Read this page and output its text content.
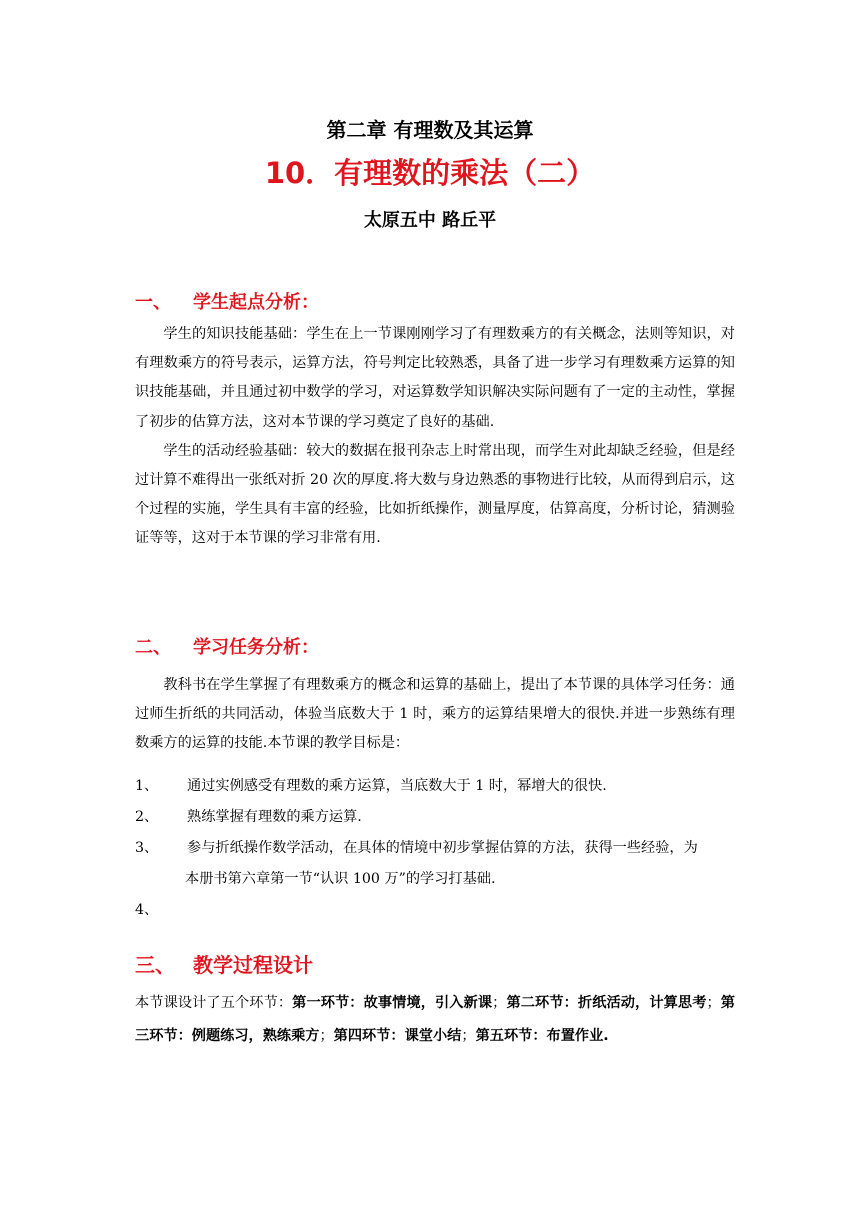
第二章 有理数及其运算
10．有理数的乘法（二）
太原五中 路丘平
一、 学生起点分析：

学生的知识技能基础：学生在上一节课刚刚学习了有理数乘方的有关概念，法则等知识，对有理数乘方的符号表示，运算方法，符号判定比较熟悉，具备了进一步学习有理数乘方运算的知识技能基础，并且通过初中数学的学习，对运算数学知识解决实际问题有了一定的主动性，掌握了初步的估算方法，这对本节课的学习奠定了良好的基础.

学生的活动经验基础：较大的数据在报刊杂志上时常出现，而学生对此却缺乏经验，但是经过计算不难得出一张纸对折 20 次的厚度.将大数与身边熟悉的事物进行比较，从而得到启示，这个过程的实施，学生具有丰富的经验，比如折纸操作，测量厚度，估算高度，分析讨论，猜测验证等等，这对于本节课的学习非常有用.

二、 学习任务分析：

教科书在学生掌握了有理数乘方的概念和运算的基础上，提出了本节课的具体学习任务：通过师生折纸的共同活动，体验当底数大于 1 时，乘方的运算结果增大的很快.并进一步熟练有理数乘方的运算的技能.本节课的教学目标是：

1、 通过实例感受有理数的乘方运算，当底数大于 1 时，幂增大的很快.
2、 熟练掌握有理数的乘方运算.
3、 参与折纸操作数学活动，在具体的情境中初步掌握估算的方法，获得一些经验，为
本册书第六章第一节“认识 100 万”的学习打基础.
4、
三、 教学过程设计
本节课设计了五个环节：第一环节：故事情境，引入新课；第二环节：折纸活动，计算思考；第三环节：例题练习，熟练乘方；第四环节：课堂小结；第五环节：布置作业.
